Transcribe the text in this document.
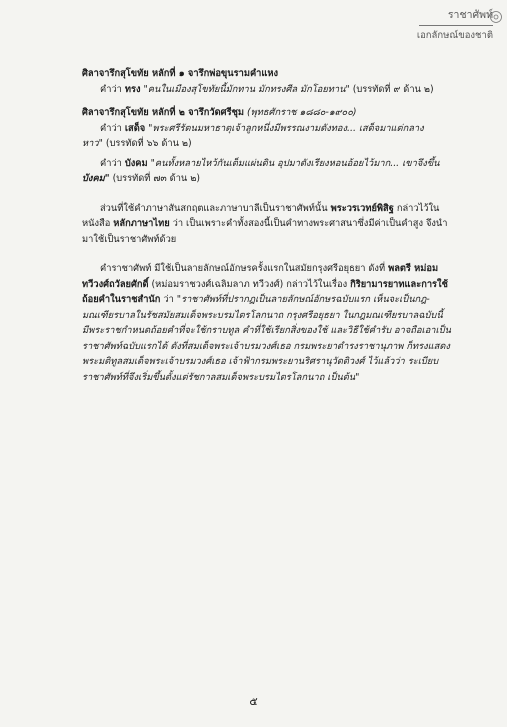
ราชาศัพท์
เอกลักษณ์ของชาติ

ศิลาจารึกสุโขทัย หลักที่ ๑ จารึกพ่อขุนรามคำแหง

คำว่า ทรง "คนในเมืองสุโขทัยนี้มักทาน มักทรงศีล มักโอยทาน" (บรรทัดที่ ๙ ด้าน ๒)

ศิลาจารึกสุโขทัย หลักที่ ๒ จารึกวัดศรีชุม (พุทธศักราช ๑๘๘๐-๑๙๐๐)

คำว่า เสด็จ "พระศรีรัตนมหาธาตุเจ้าลูกหนึ่งมีพรรณงามดังทอง... เสด็จมาแต่กลาง

หาว" (บรรทัดที่ ๖๖ ด้าน ๒)

คำว่า บังคม "คนทั้งหลายไหว้กันเต็มแผ่นดิน อุปมาดังเรียงหอนอ้อยไว้มาก... เขาจึงขึ้น

บังคม" (บรรทัดที่ ๗๓ ด้าน ๒)

ส่วนที่ใช้คำภาษาสันสกฤตและภาษาบาลีเป็นราชาศัพท์นั้น พระวรเวทย์พิสิฐ กล่าวไว้ใน

หนังสือ หลักภาษาไทย ว่า เป็นเพราะคำทั้งสองนี้เป็นคำทางพระศาสนาซึ่งมีค่าเป็นคำสูง จึงนำ

มาใช้เป็นราชาศัพท์ด้วย

คำราชาศัพท์ มีใช้เป็นลายลักษณ์อักษรครั้งแรกในสมัยกรุงศรีอยุธยา ดังที่ พลตรี หม่อม

ทวีวงศ์ถวัลยศักดิ์ (หม่อมราชวงศ์เฉลิมลาภ ทวีวงศ์) กล่าวไว้ในเรื่อง กิริยามารยาทและการใช้

ถ้อยคำในราชสำนัก ว่า "ราชาศัพท์ที่ปรากฏเป็นลายลักษณ์อักษรฉบับแรก เห็นจะเป็นกฎ-

มณเฑียรบาลในรัชสมัยสมเด็จพระบรมไตรโลกนาถ กรุงศรีอยุธยา ในกฎมณเฑียรบาลฉบับนี้

มีพระราชกำหนดถ้อยคำที่จะใช้กราบทูล คำที่ใช้เรียกสิ่งของใช้ และวิธีใช้คำรับ อาจถือเอาเป็น

ราชาศัพท์ฉบับแรกได้ ดังที่สมเด็จพระเจ้าบรมวงศ์เธอ กรมพระยาดำรงราชานุภาพ ก็ทรงแสดง

พระมติทูลสมเด็จพระเจ้าบรมวงศ์เธอ เจ้าฟ้ากรมพระยานริศรานุวัดติวงศ์ ไว้แล้วว่า ระเบียบ

ราชาศัพท์ที่จึงเริ่มขึ้นตั้งแต่รัชกาลสมเด็จพระบรมไตรโลกนาถ เป็นต้น"

๕
